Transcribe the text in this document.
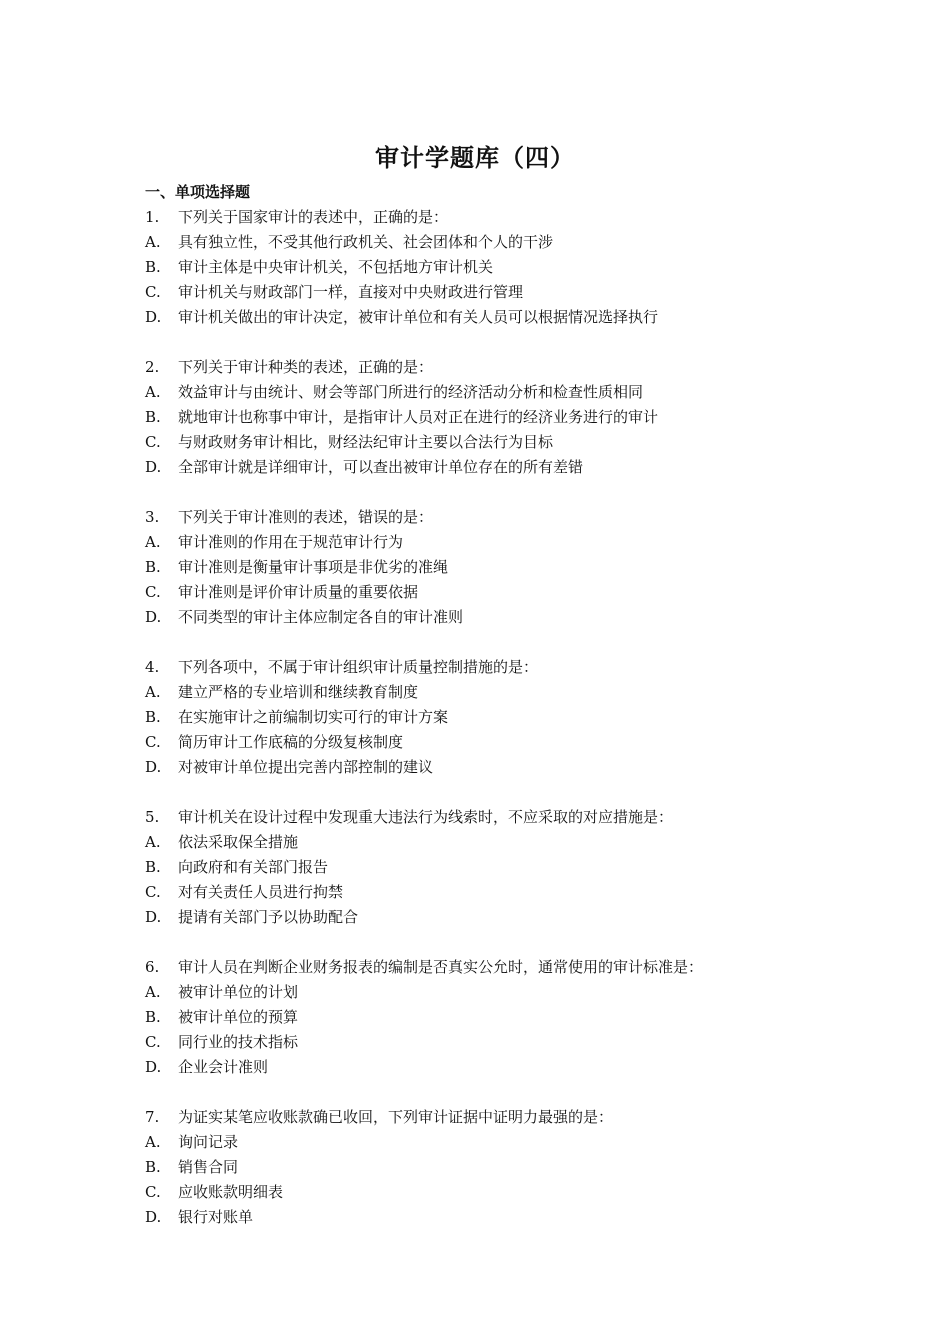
审计学题库（四）
一、单项选择题
1.	下列关于国家审计的表述中，正确的是：
A.	具有独立性，不受其他行政机关、社会团体和个人的干涉
B.	审计主体是中央审计机关，不包括地方审计机关
C.	审计机关与财政部门一样，直接对中央财政进行管理
D.	审计机关做出的审计决定，被审计单位和有关人员可以根据情况选择执行
2.	下列关于审计种类的表述，正确的是：
A.	效益审计与由统计、财会等部门所进行的经济活动分析和检查性质相同
B.	就地审计也称事中审计，是指审计人员对正在进行的经济业务进行的审计
C.	与财政财务审计相比，财经法纪审计主要以合法行为目标
D.	全部审计就是详细审计，可以查出被审计单位存在的所有差错
3.	下列关于审计准则的表述，错误的是：
A.	审计准则的作用在于规范审计行为
B.	审计准则是衡量审计事项是非优劣的准绳
C.	审计准则是评价审计质量的重要依据
D.	不同类型的审计主体应制定各自的审计准则
4.	下列各项中，不属于审计组织审计质量控制措施的是：
A.	建立严格的专业培训和继续教育制度
B.	在实施审计之前编制切实可行的审计方案
C.	简历审计工作底稿的分级复核制度
D.	对被审计单位提出完善内部控制的建议
5.	审计机关在设计过程中发现重大违法行为线索时，不应采取的对应措施是：
A.	依法采取保全措施
B.	向政府和有关部门报告
C.	对有关责任人员进行拘禁
D.	提请有关部门予以协助配合
6.	审计人员在判断企业财务报表的编制是否真实公允时，通常使用的审计标准是：
A.	被审计单位的计划
B.	被审计单位的预算
C.	同行业的技术指标
D.	企业会计准则
7.	为证实某笔应收账款确已收回，下列审计证据中证明力最强的是：
A.	询问记录
B.	销售合同
C.	应收账款明细表
D.	银行对账单
